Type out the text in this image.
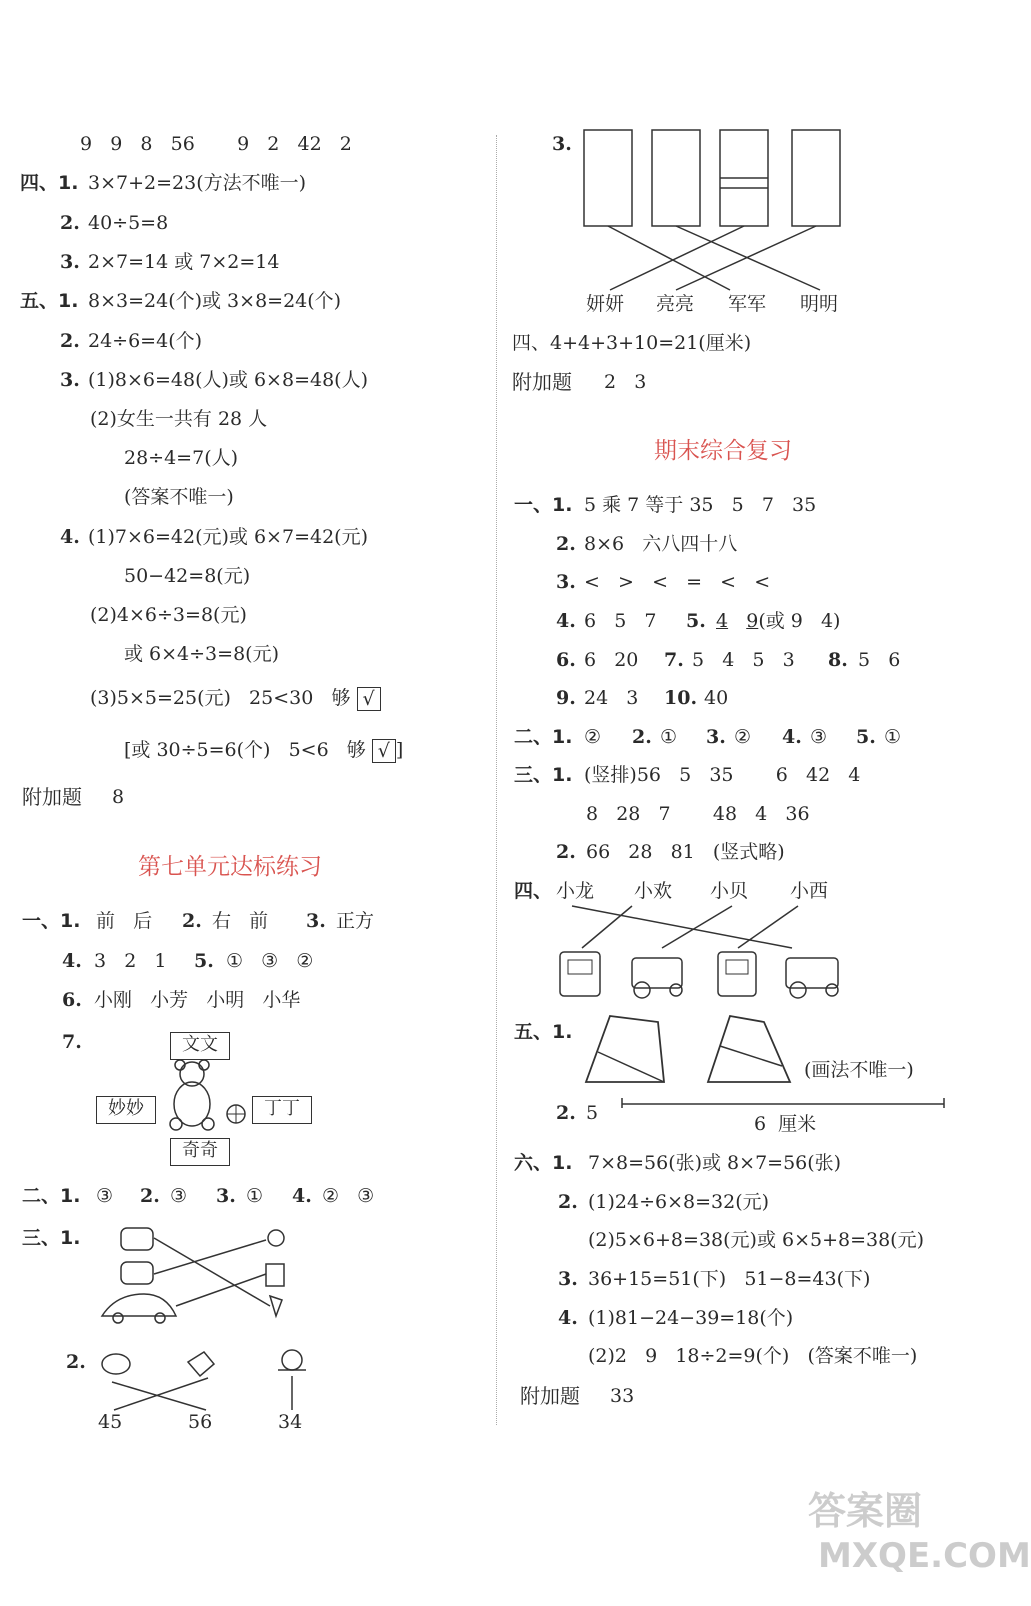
9   9   8   56       9   2   42   2
四、1. 3×7+2=23(方法不唯一)
2. 40÷5=8
3. 2×7=14 或 7×2=14
五、1. 8×3=24(个)或 3×8=24(个)
2. 24÷6=4(个)
3. (1)8×6=48(人)或 6×8=48(人)
(2)女生一共有 28 人
28÷4=7(人)
(答案不唯一)
4. (1)7×6=42(元)或 6×7=42(元)
50−42=8(元)
(2)4×6÷3=8(元)
或 6×4÷3=8(元)
(3)5×5=25(元)   25<30   够 √
[或 30÷5=6(个)   5<6   够 √ ]
附加题 8
第七单元达标练习
一、1. 前   后 2. 右   前 3. 正方
4. 3   2   1 5. ①   ③   ②
6. 小刚   小芳   小明   小华
7.	文文
妙妙	丁丁
奇奇
二、1. ③ 2. ③ 3. ① 4. ②   ③
三、1.
2.
45	56	34
3.
妍妍 亮亮 军军 明明
四、4+4+3+10=21(厘米)
附加题 2   3
期末综合复习
一、1. 5 乘 7 等于 35   5   7   35
2. 8×6   六八四十八
3. <   >   <   =   <   <
4. 6   5   7 5. 4 9(或 9   4)
6. 6   20 7. 5   4   5   3 8. 5   6
9. 24   3 10. 40
二、1. ② 2. ① 3. ② 4. ③ 5. ①
三、1. (竖排)56   5   35       6   42   4
8   28   7       48   4   36
2. 66   28   81   (竖式略)
四、 小龙 小欢 小贝 小西
五、1.
(画法不唯一)
2. 5	6  厘米
六、1. 7×8=56(张)或 8×7=56(张)
2. (1)24÷6×8=32(元)
(2)5×6+8=38(元)或 6×5+8=38(元)
3. 36+15=51(下)   51−8=43(下)
4. (1)81−24−39=18(个)
(2)2   9   18÷2=9(个)   (答案不唯一)
附加题 33
答案圈
MXQE.COM
